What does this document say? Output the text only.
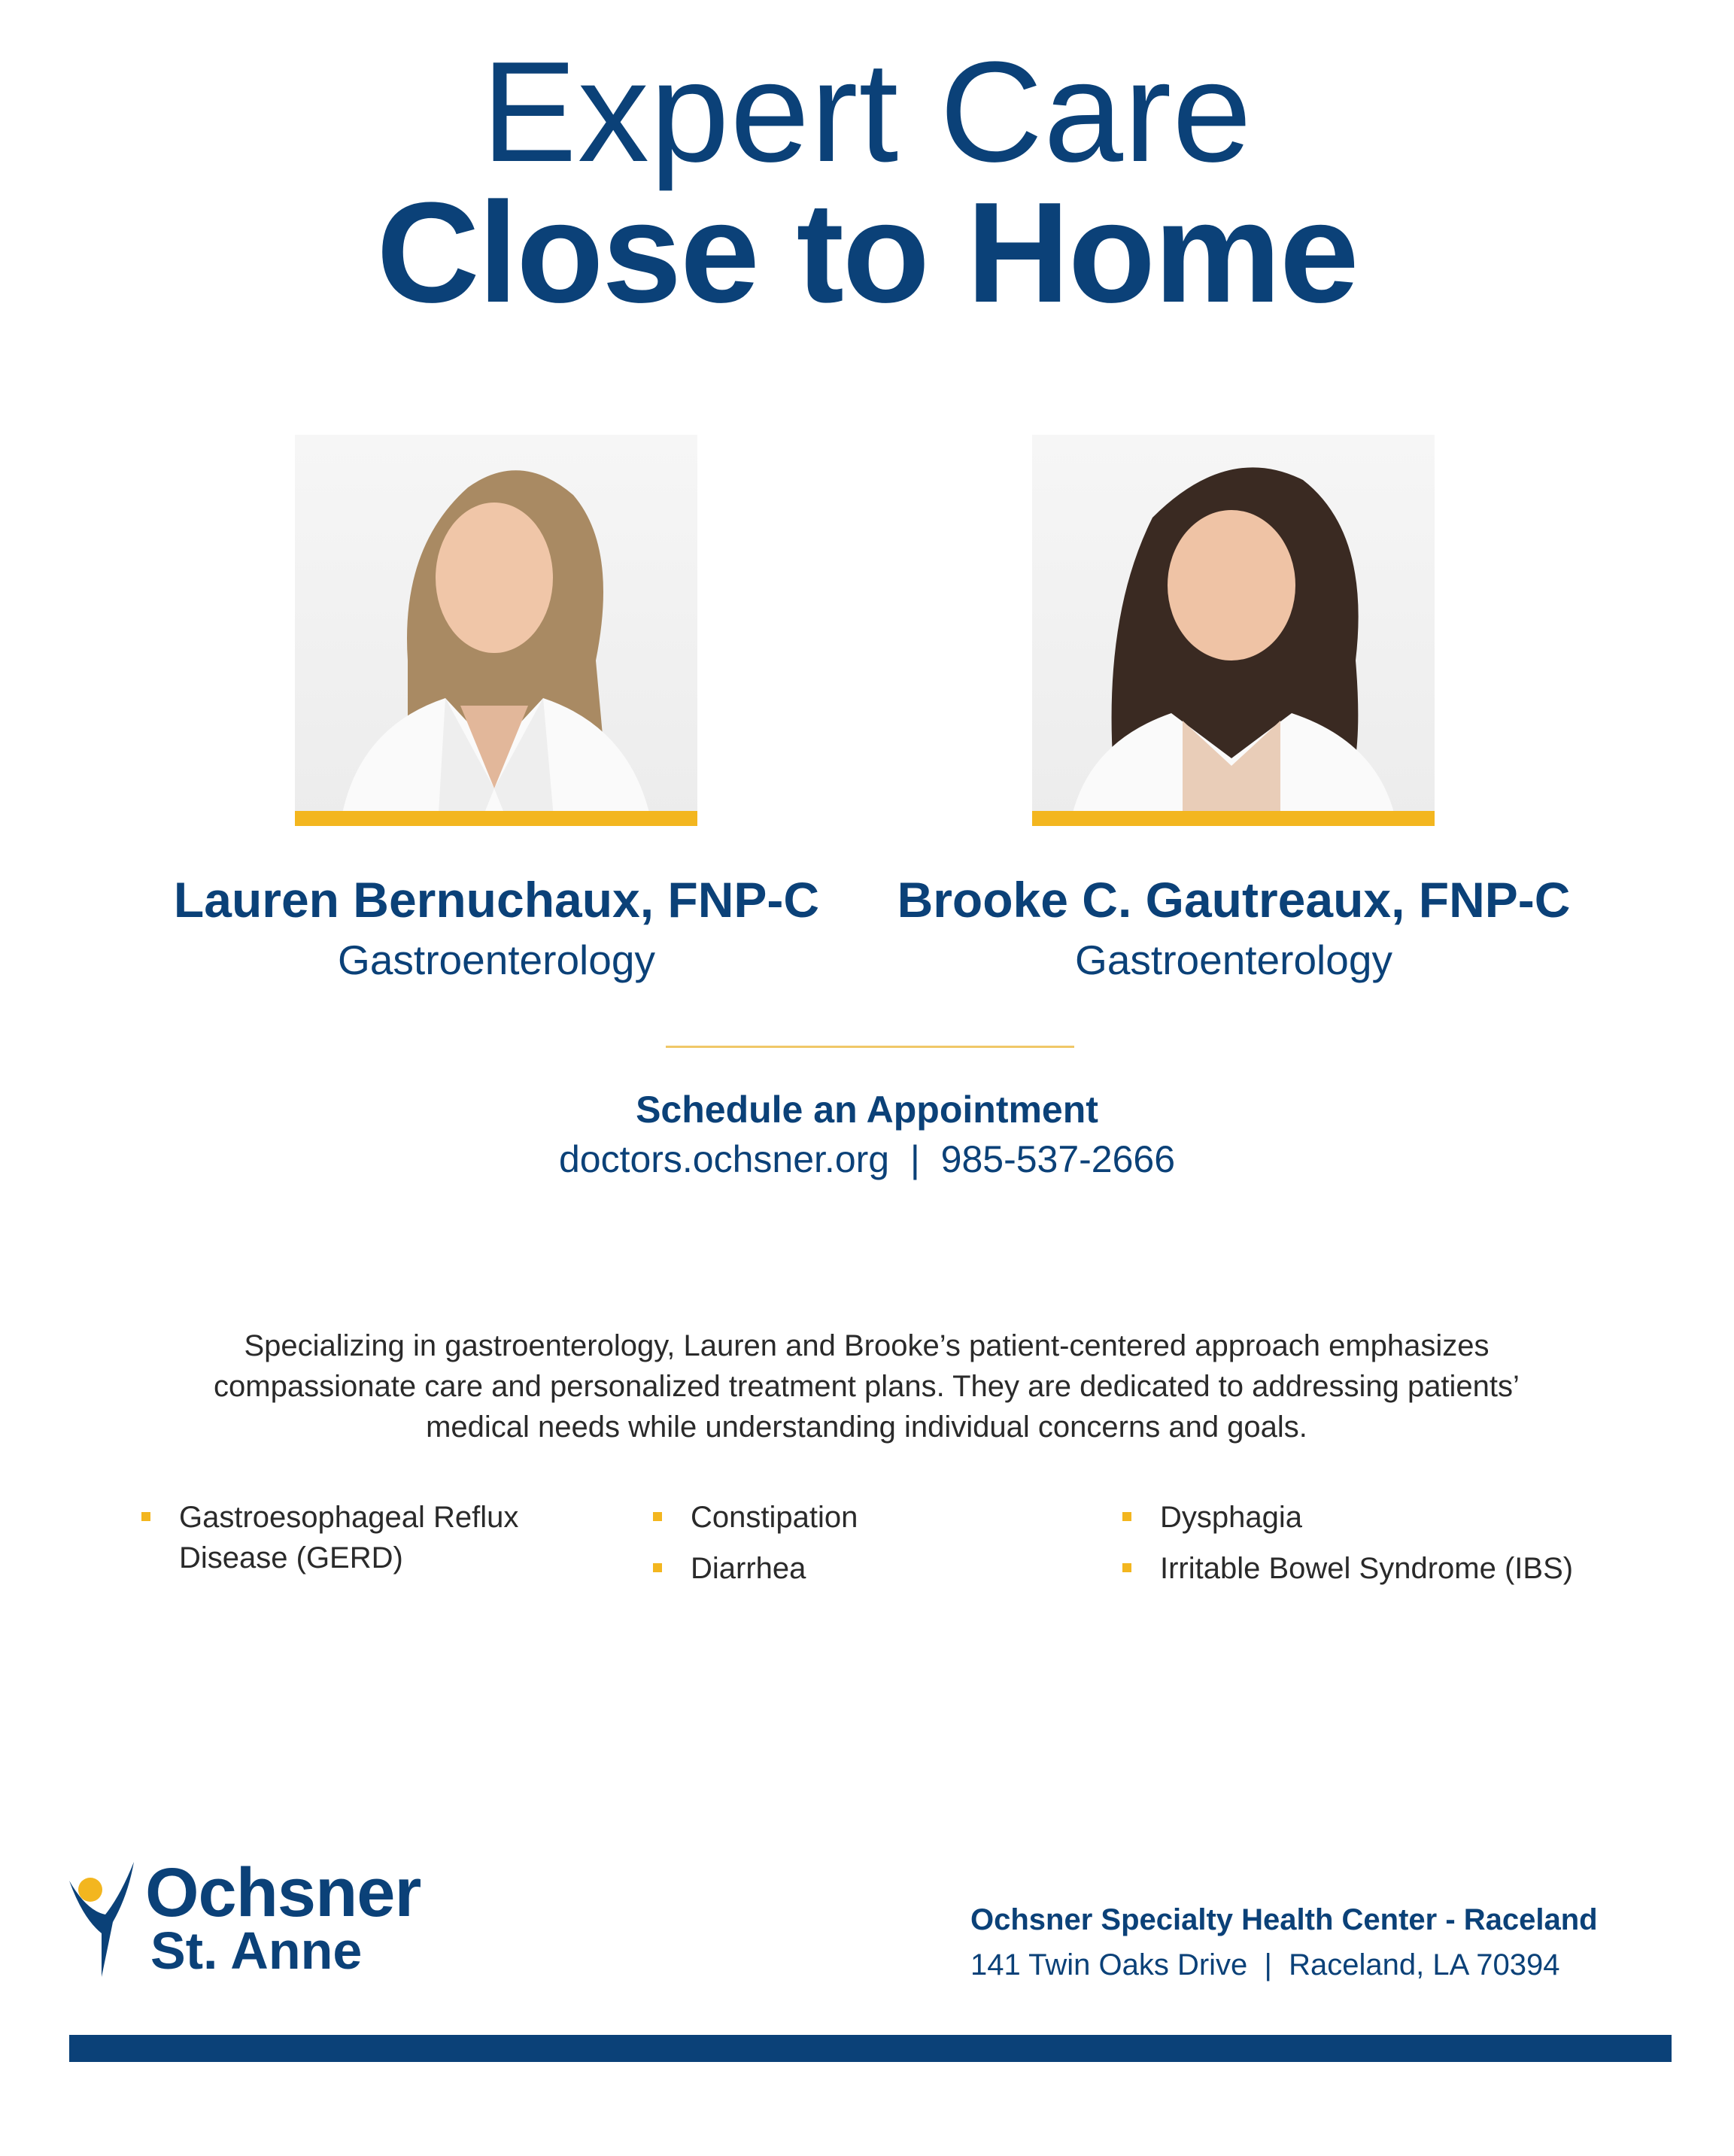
Expert Care
Close to Home
Lauren Bernuchaux, FNP-C
Gastroenterology
Brooke C. Gautreaux, FNP-C
Gastroenterology
Schedule an Appointment
doctors.ochsner.org  |  985-537-2666
Specializing in gastroenterology, Lauren and Brooke’s patient-centered approach emphasizes compassionate care and personalized treatment plans. They are dedicated to addressing patients’ medical needs while understanding individual concerns and goals.
Gastroesophageal Reflux Disease (GERD)
Constipation
Diarrhea
Dysphagia
Irritable Bowel Syndrome (IBS)
Ochsner
St. Anne
Ochsner Specialty Health Center - Raceland
141 Twin Oaks Drive  |  Raceland, LA 70394
